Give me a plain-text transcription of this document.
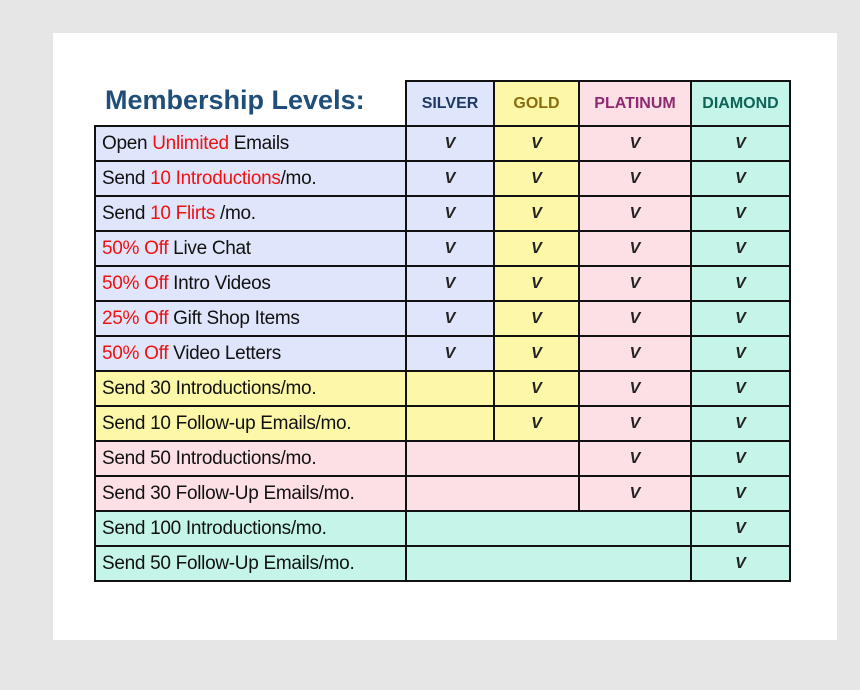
Membership Levels:
		SILVER	GOLD	PLATINUM	DIAMOND
Open Unlimited Emails	V	V	V	V
Send 10 Introductions/mo.	V	V	V	V
Send 10 Flirts /mo.	V	V	V	V
50% Off Live Chat	V	V	V	V
50% Off Intro Videos	V	V	V	V
25% Off Gift Shop Items	V	V	V	V
50% Off Video Letters	V	V	V	V
Send 30 Introductions/mo.		V	V	V
Send 10 Follow-up Emails/mo.		V	V	V
Send 50 Introductions/mo.			V	V
Send 30 Follow-Up Emails/mo.			V	V
Send 100 Introductions/mo.				V
Send 50 Follow-Up Emails/mo.				V
